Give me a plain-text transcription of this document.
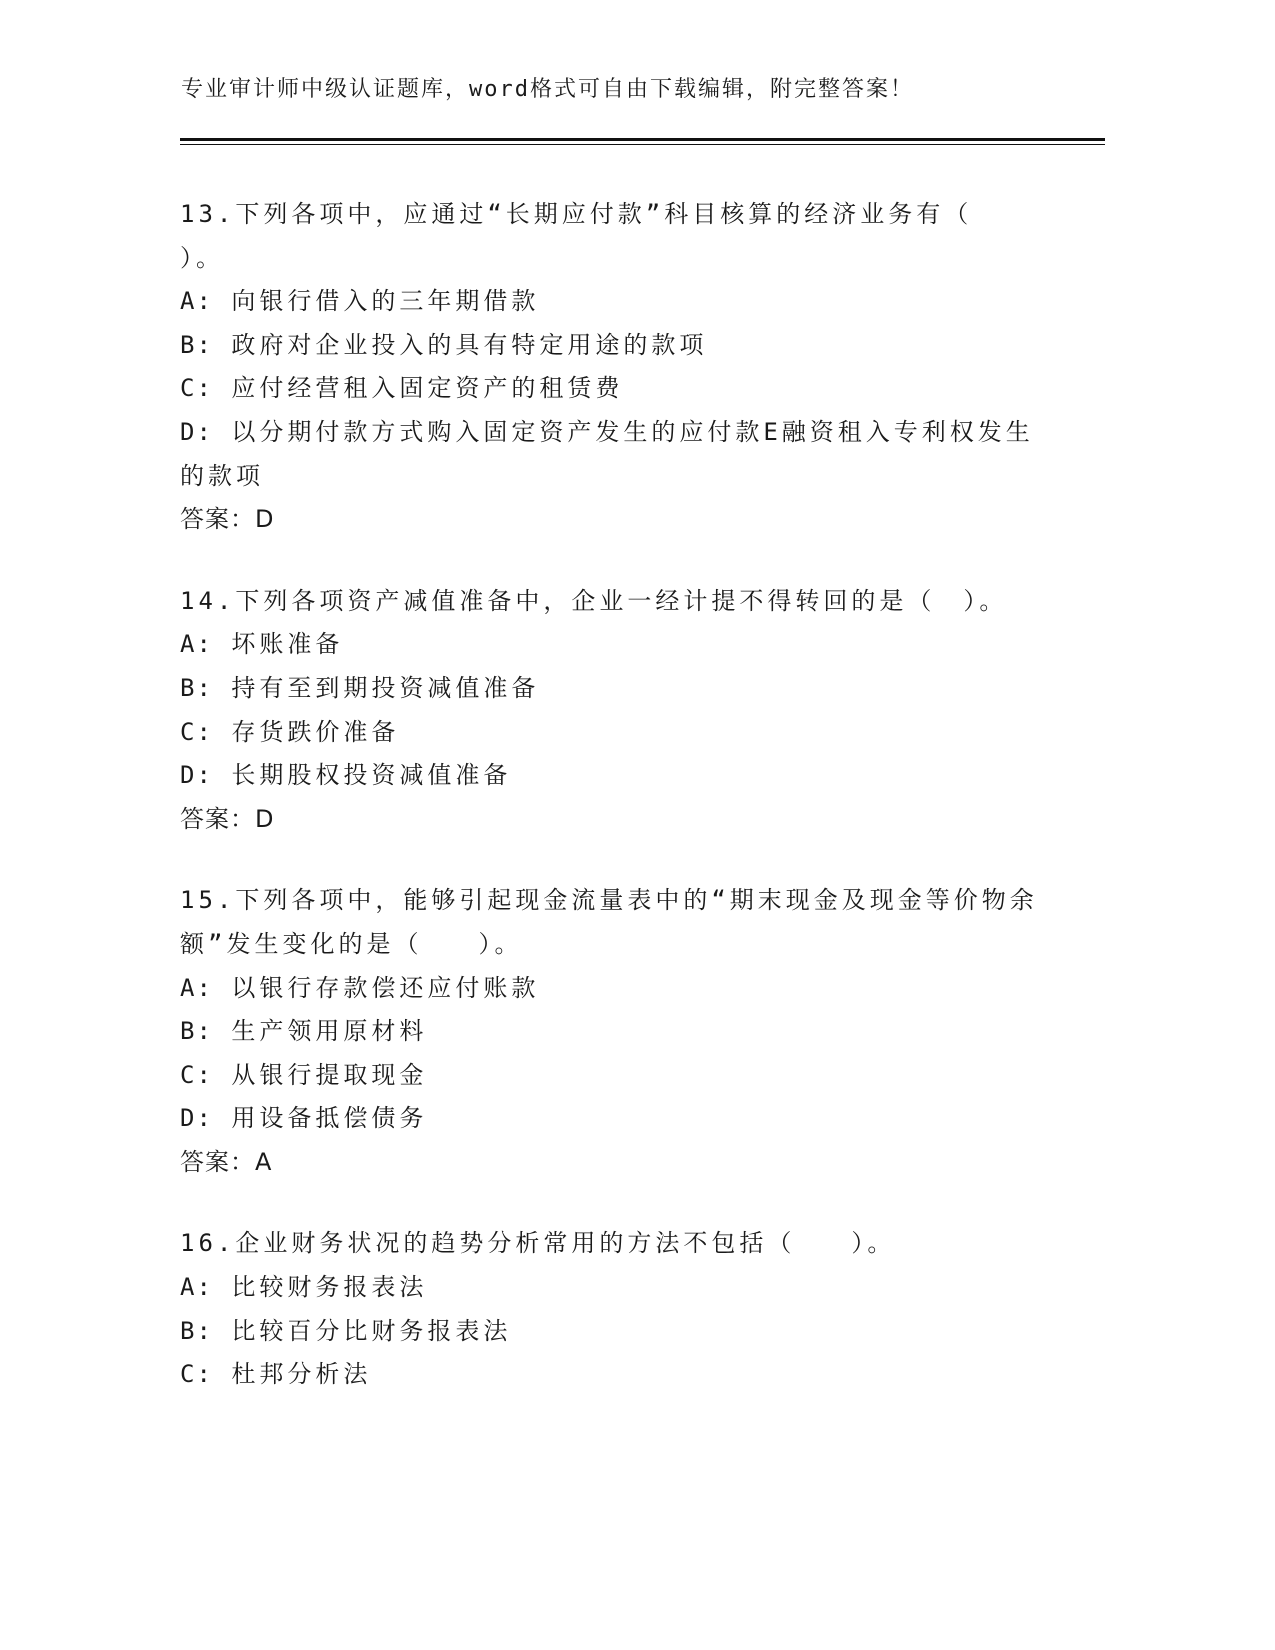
专业审计师中级认证题库，word格式可自由下载编辑，附完整答案！
13.下列各项中，应通过“长期应付款”科目核算的经济业务有（
）。
A: 向银行借入的三年期借款
B: 政府对企业投入的具有特定用途的款项
C: 应付经营租入固定资产的租赁费
D: 以分期付款方式购入固定资产发生的应付款E融资租入专利权发生
的款项
答案：D
14.下列各项资产减值准备中，企业一经计提不得转回的是（　）。
A: 坏账准备
B: 持有至到期投资减值准备
C: 存货跌价准备
D: 长期股权投资减值准备
答案：D
15.下列各项中，能够引起现金流量表中的“期末现金及现金等价物余
额”发生变化的是（　　）。
A: 以银行存款偿还应付账款
B: 生产领用原材料
C: 从银行提取现金
D: 用设备抵偿债务
答案：A
16.企业财务状况的趋势分析常用的方法不包括（　　）。
A: 比较财务报表法
B: 比较百分比财务报表法
C: 杜邦分析法
